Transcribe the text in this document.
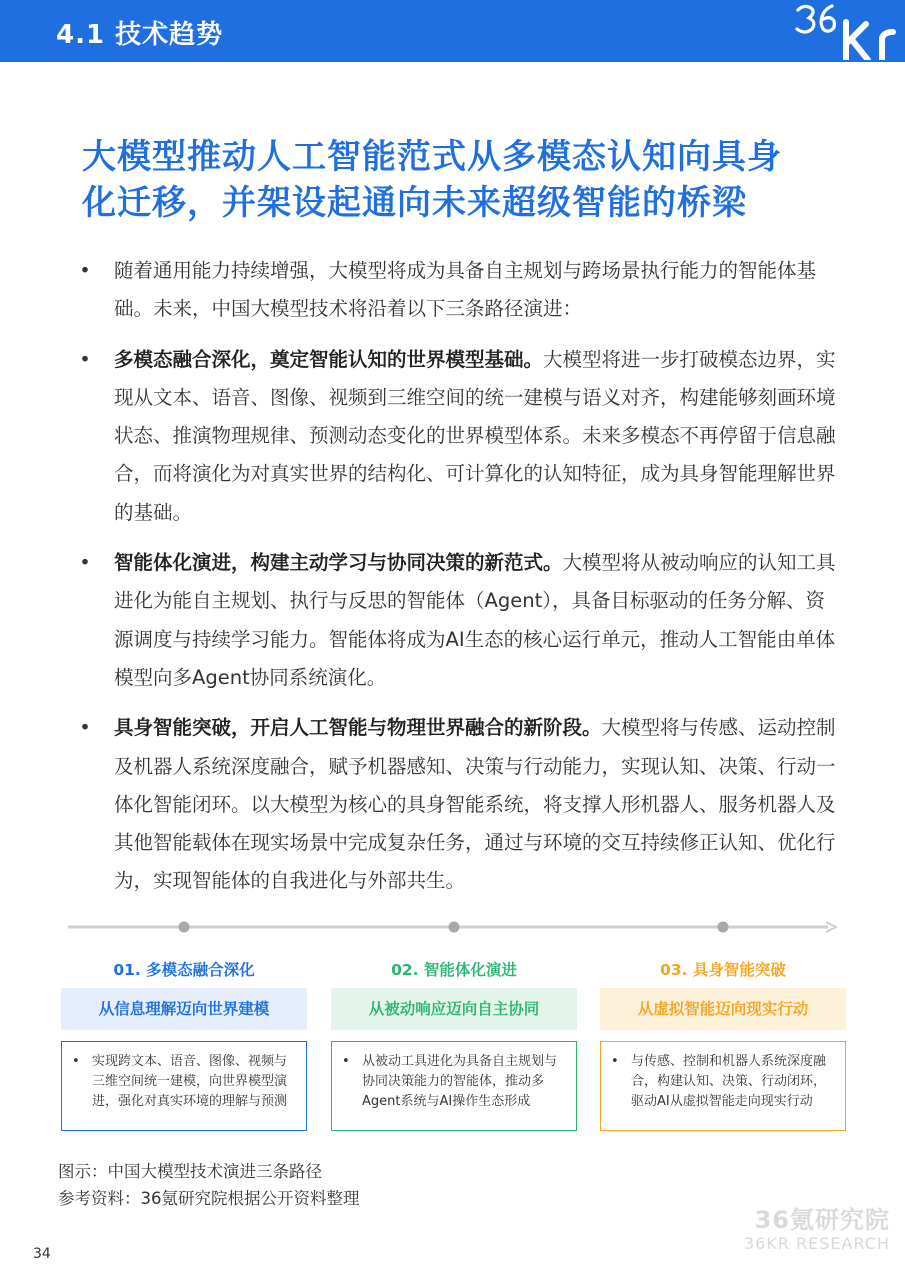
4.1 技术趋势
大模型推动人工智能范式从多模态认知向具身
化迁移，并架设起通向未来超级智能的桥梁
• 随着通用能力持续增强，大模型将成为具备自主规划与跨场景执行能力的智能体基础。未来，中国大模型技术将沿着以下三条路径演进：
• 多模态融合深化，奠定智能认知的世界模型基础。大模型将进一步打破模态边界，实现从文本、语音、图像、视频到三维空间的统一建模与语义对齐，构建能够刻画环境状态、推演物理规律、预测动态变化的世界模型体系。未来多模态不再停留于信息融合，而将演化为对真实世界的结构化、可计算化的认知特征，成为具身智能理解世界的基础。
• 智能体化演进，构建主动学习与协同决策的新范式。大模型将从被动响应的认知工具进化为能自主规划、执行与反思的智能体（Agent），具备目标驱动的任务分解、资源调度与持续学习能力。智能体将成为AI生态的核心运行单元，推动人工智能由单体模型向多Agent协同系统演化。
• 具身智能突破，开启人工智能与物理世界融合的新阶段。大模型将与传感、运动控制及机器人系统深度融合，赋予机器感知、决策与行动能力，实现认知、决策、行动一体化智能闭环。以大模型为核心的具身智能系统，将支撑人形机器人、服务机器人及其他智能载体在现实场景中完成复杂任务，通过与环境的交互持续修正认知、优化行为，实现智能体的自我进化与外部共生。
01. 多模态融合深化
从信息理解迈向世界建模
• 实现跨文本、语音、图像、视频与三维空间统一建模，向世界模型演进，强化对真实环境的理解与预测
02. 智能体化演进
从被动响应迈向自主协同
• 从被动工具进化为具备自主规划与协同决策能力的智能体，推动多Agent系统与AI操作生态形成
03. 具身智能突破
从虚拟智能迈向现实行动
• 与传感、控制和机器人系统深度融合，构建认知、决策、行动闭环，驱动AI从虚拟智能走向现实行动
图示：中国大模型技术演进三条路径
参考资料：36氪研究院根据公开资料整理
36氪研究院
36KR RESEARCH
34
